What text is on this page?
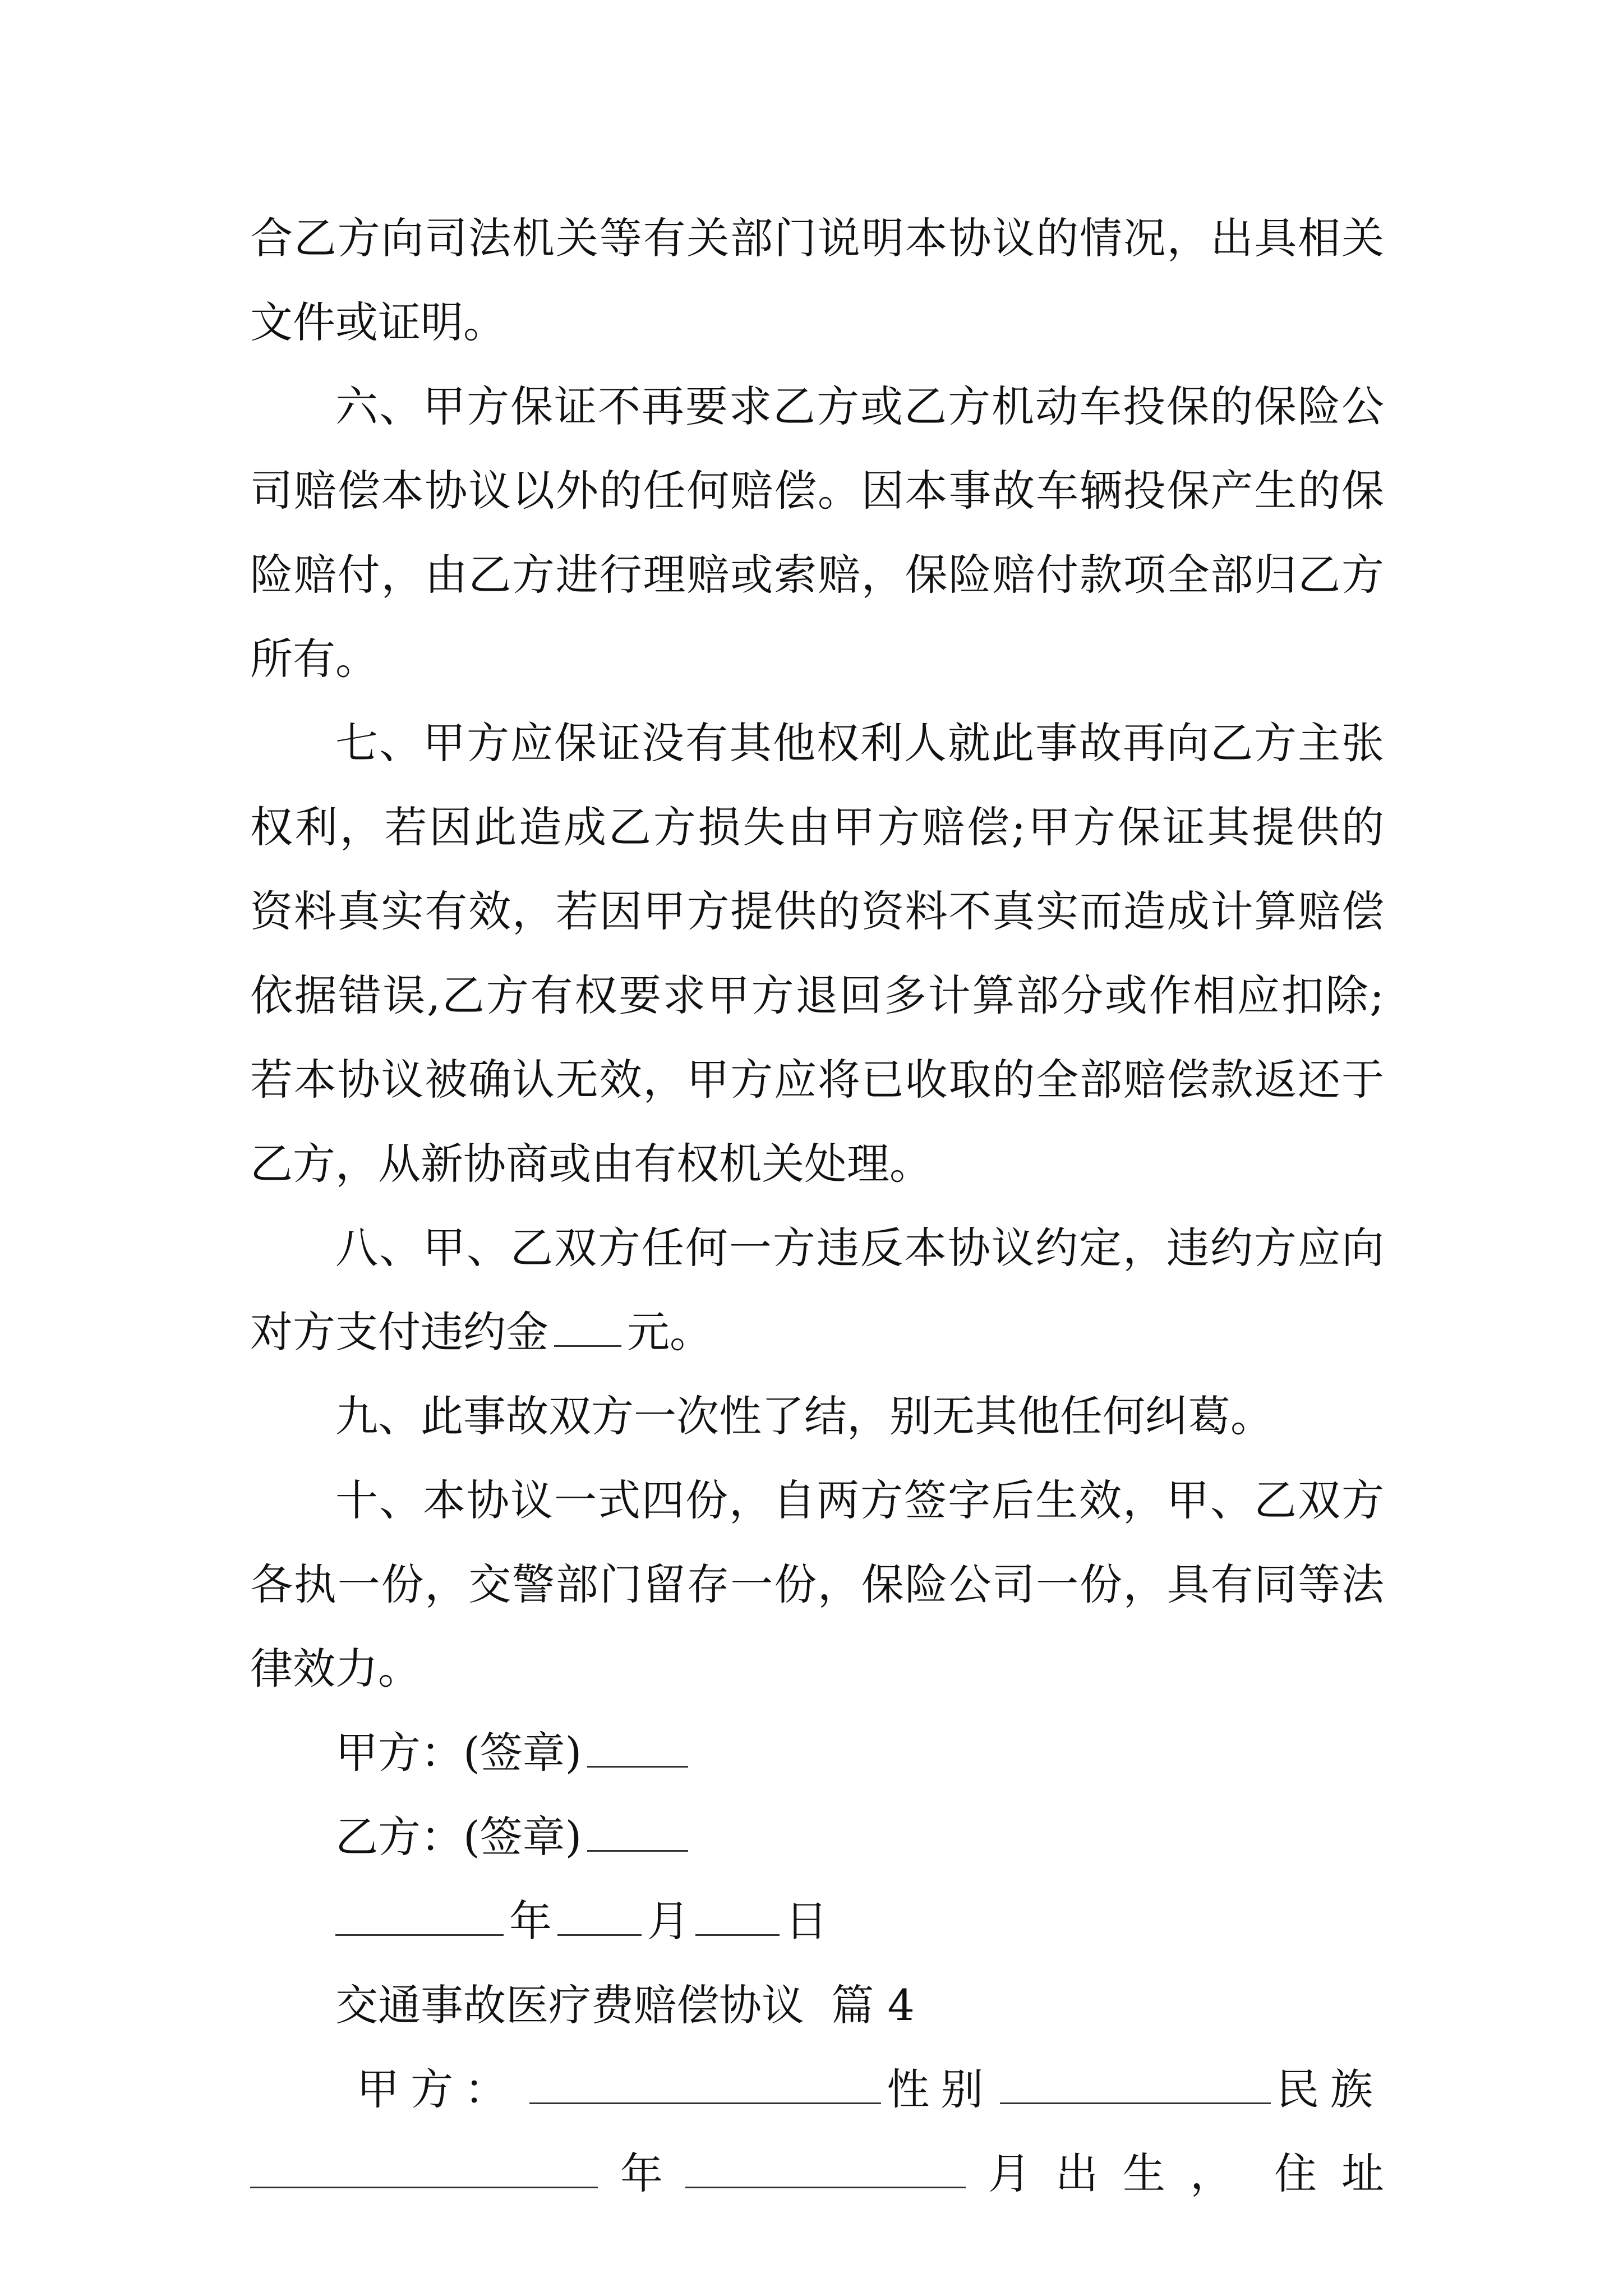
合乙方向司法机关等有关部门说明本协议的情况，出具相关
文件或证明。
六、甲方保证不再要求乙方或乙方机动车投保的保险公
司赔偿本协议以外的任何赔偿。因本事故车辆投保产生的保
险赔付，由乙方进行理赔或索赔，保险赔付款项全部归乙方
所有。
七、甲方应保证没有其他权利人就此事故再向乙方主张
权利，若因此造成乙方损失由甲方赔偿;甲方保证其提供的
资料真实有效，若因甲方提供的资料不真实而造成计算赔偿
依据错误,乙方有权要求甲方退回多计算部分或作相应扣除;
若本协议被确认无效，甲方应将已收取的全部赔偿款返还于
乙方，从新协商或由有权机关处理。
八、甲、乙双方任何一方违反本协议约定，违约方应向
对方支付违约金 元。
九、此事故双方一次性了结，别无其他任何纠葛。
十、本协议一式四份，自两方签字后生效，甲、乙双方
各执一份，交警部门留存一份，保险公司一份，具有同等法
律效力。
甲方：(签章)
乙方：(签章)
年 月 日
交通事故医疗费赔偿协议  篇 4
甲方：	性别	民族
年	月出生， 住址
